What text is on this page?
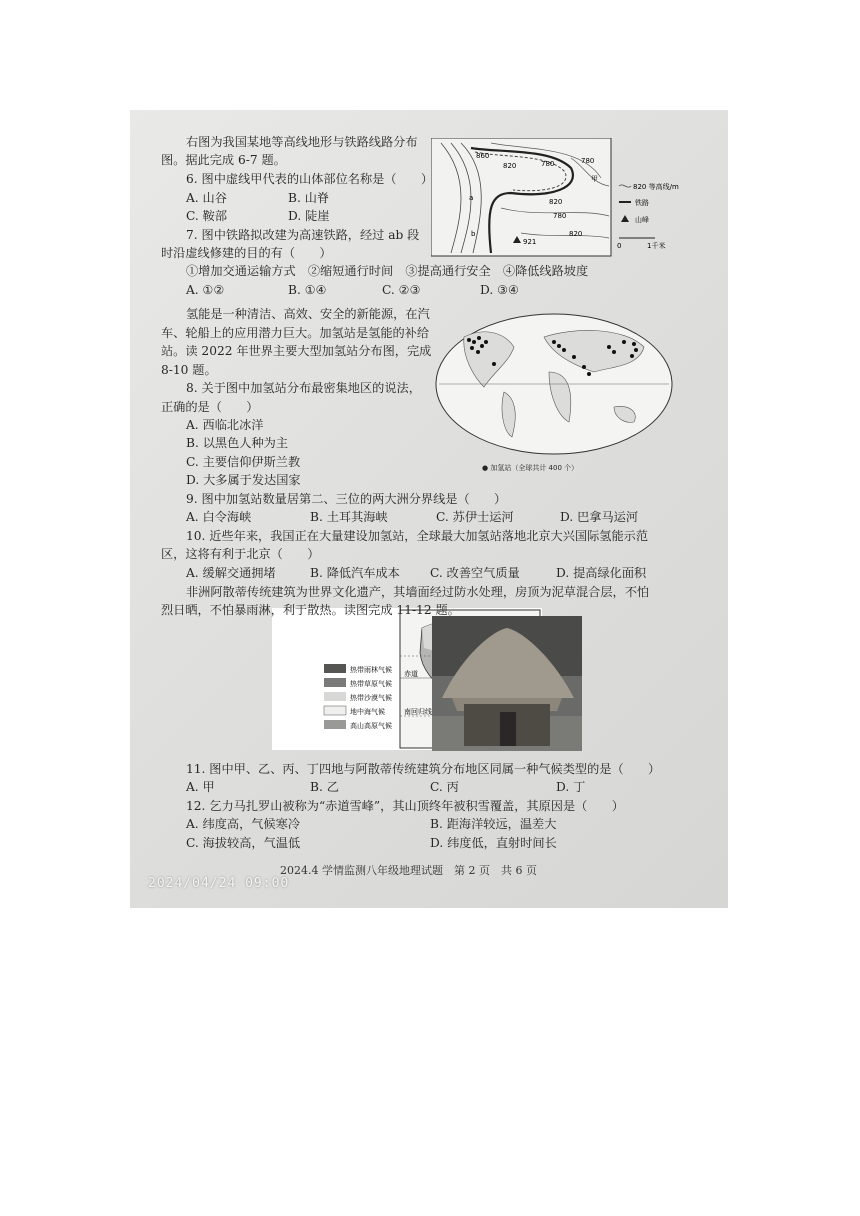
860
820	780	780
820
780
820
921
甲
a
b
820 等高线/m
铁路
山峰
0	1千米
● 加氢站（全球共计 400 个）
赤道
南回归线
热带雨林气候
热带草原气候
热带沙漠气候
地中海气候
高山高原气候
右图为我国某地等高线地形与铁路线路分布
图。据此完成 6-7 题。
6. 图中虚线甲代表的山体部位名称是（　　）
A. 山谷	B. 山脊
C. 鞍部	D. 陡崖
7. 图中铁路拟改建为高速铁路，经过 ab 段
时沿虚线修建的目的有（　　）
①增加交通运输方式　②缩短通行时间　③提高通行安全　④降低线路坡度
A. ①②	B. ①④	C. ②③	D. ③④
氢能是一种清洁、高效、安全的新能源，在汽
车、轮船上的应用潜力巨大。加氢站是氢能的补给
站。读 2022 年世界主要大型加氢站分布图，完成
8-10 题。
8. 关于图中加氢站分布最密集地区的说法，
正确的是（　　）
A. 西临北冰洋
B. 以黑色人种为主
C. 主要信仰伊斯兰教
D. 大多属于发达国家
9. 图中加氢站数量居第二、三位的两大洲分界线是（　　）
A. 白令海峡	B. 土耳其海峡	C. 苏伊士运河	D. 巴拿马运河
10. 近些年来，我国正在大量建设加氢站，全球最大加氢站落地北京大兴国际氢能示范
区，这将有利于北京（　　）
A. 缓解交通拥堵	B. 降低汽车成本 C. 改善空气质量	D. 提高绿化面积
非洲阿散蒂传统建筑为世界文化遗产，其墙面经过防水处理，房顶为泥草混合层，不怕
烈日晒，不怕暴雨淋，利于散热。读图完成 11-12 题。
11. 图中甲、乙、丙、丁四地与阿散蒂传统建筑分布地区同属一种气候类型的是（　　）
A. 甲	B. 乙	C. 丙	D. 丁
12. 乞力马扎罗山被称为“赤道雪峰”，其山顶终年被积雪覆盖，其原因是（　　）
A. 纬度高，气候寒冷	B. 距海洋较远，温差大
C. 海拔较高，气温低	D. 纬度低，直射时间长
2024.4 学情监测八年级地理试题　第 2 页　共 6 页
2024/04/24 09:00
